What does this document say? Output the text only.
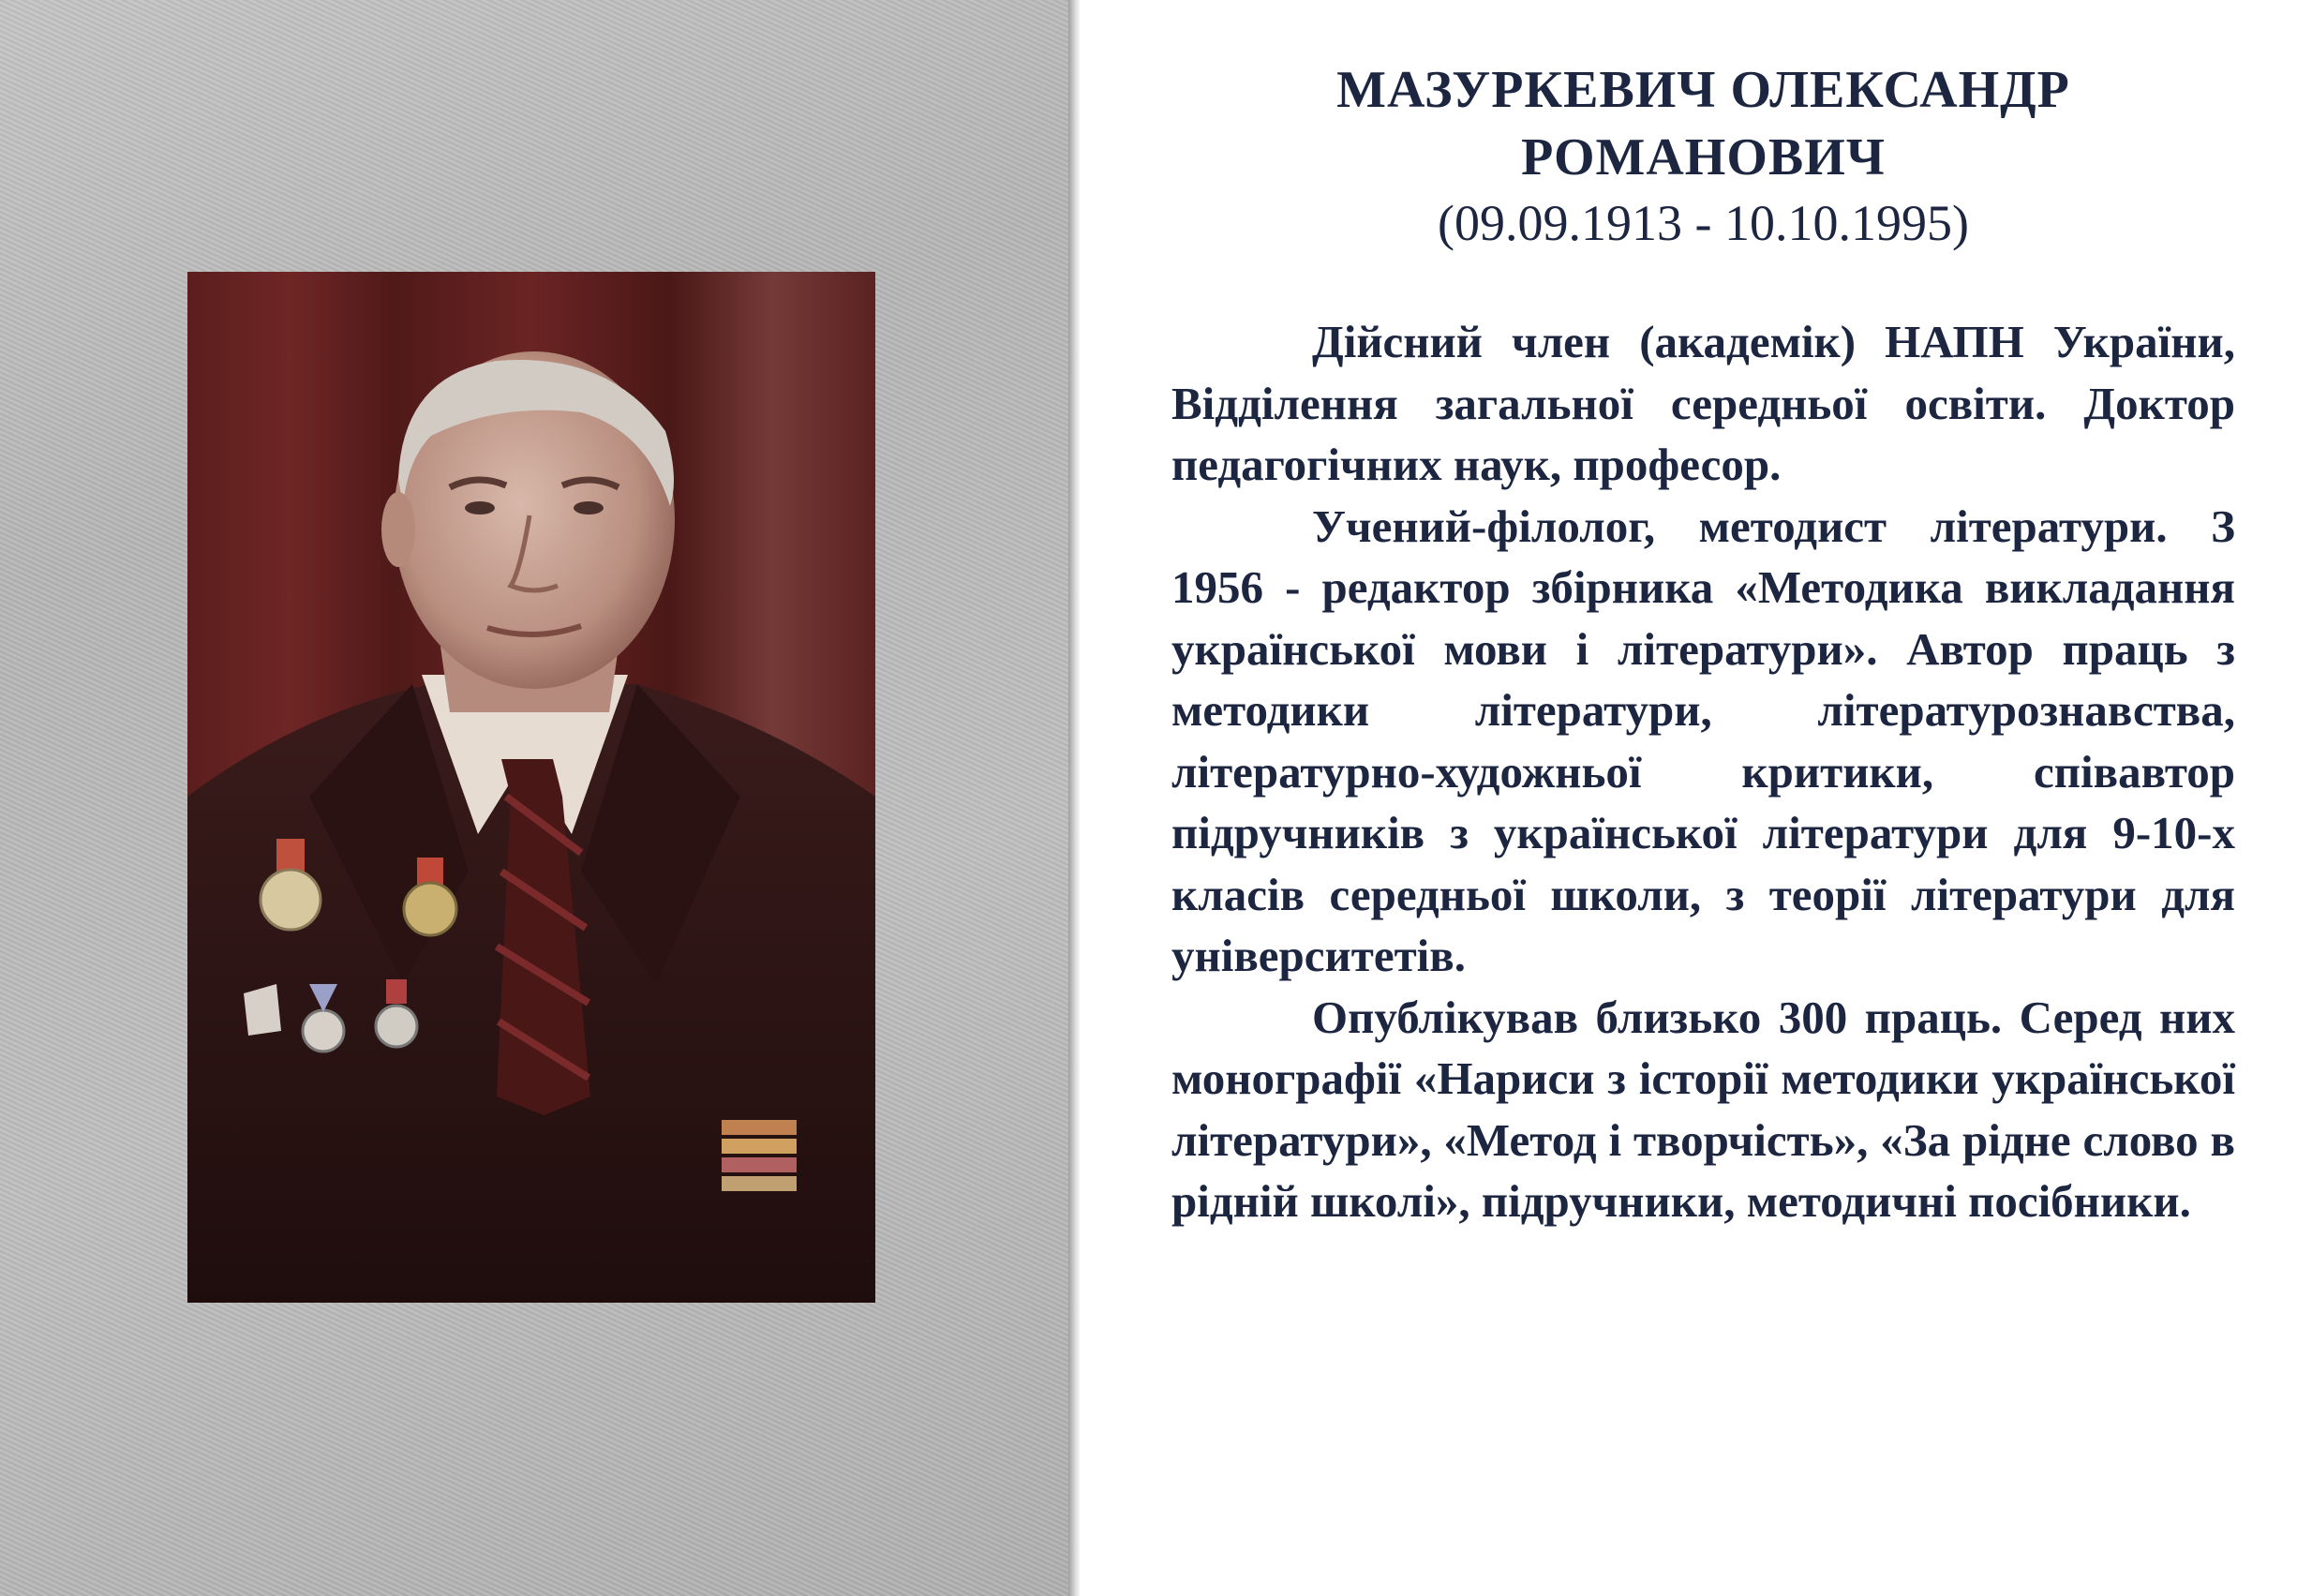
МАЗУРКЕВИЧ ОЛЕКСАНДР
РОМАНОВИЧ
(09.09.1913 - 10.10.1995)

Дійсний член (академік) НАПН України, Відділення загальної середньої освіти. Доктор педагогічних наук, професор.

Учений-філолог, методист літератури. З 1956 - редактор збірника «Методика викладання української мови і літератури». Автор праць з методики літератури, літературознавства, літературно-художньої критики, співавтор підручників з української літератури для 9-10-х класів середньої школи, з теорії літератури для університетів.

Опублікував близько 300 праць. Серед них монографії «Нариси з історії методики української літератури», «Метод і творчість», «За рідне слово в рідній школі», підручники, методичні посібники.
